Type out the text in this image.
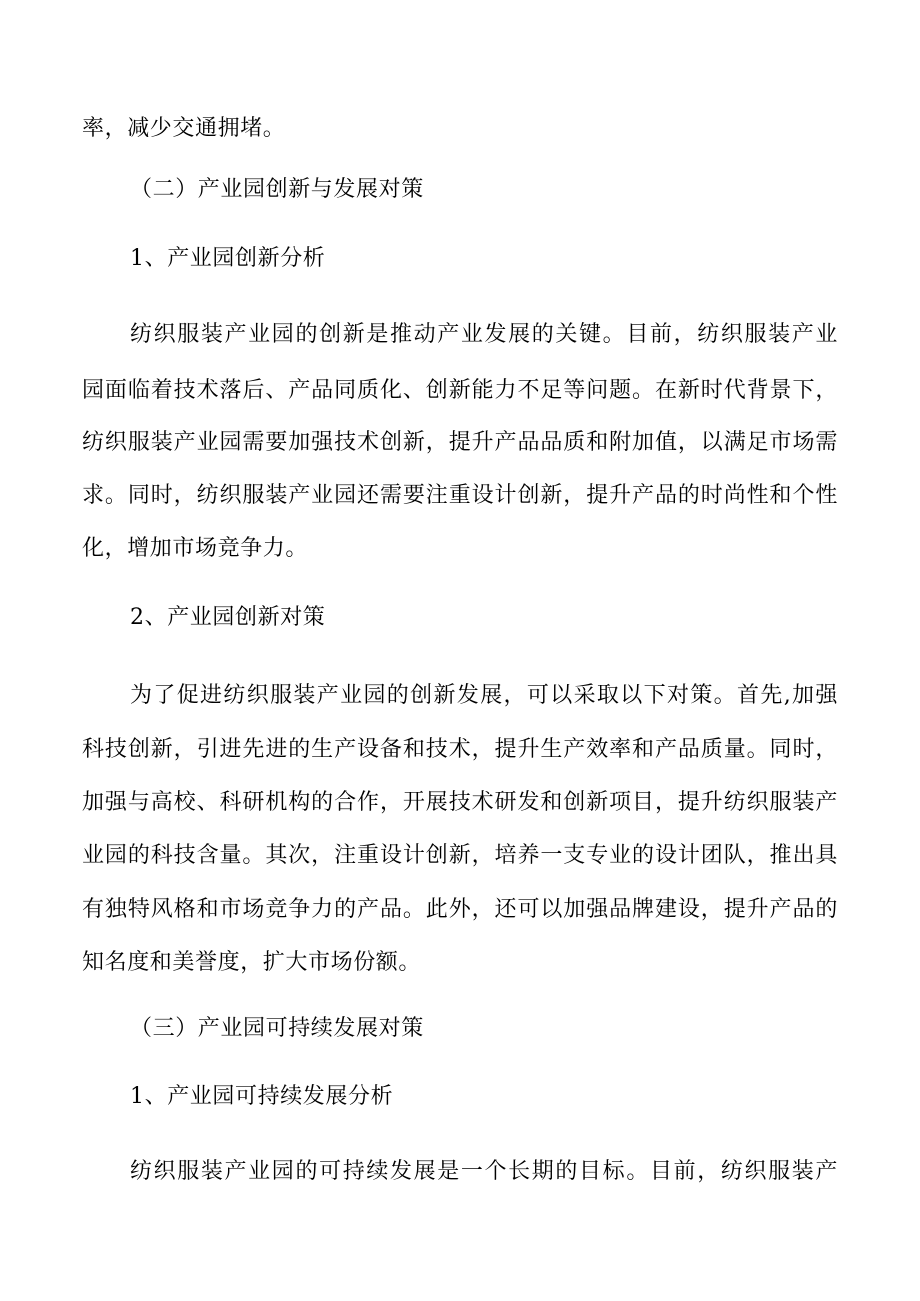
率，减少交通拥堵。
（二）产业园创新与发展对策
1、产业园创新分析
纺织服装产业园的创新是推动产业发展的关键。目前，纺织服装产业
园面临着技术落后、产品同质化、创新能力不足等问题。在新时代背景下，
纺织服装产业园需要加强技术创新，提升产品品质和附加值，以满足市场需
求。同时，纺织服装产业园还需要注重设计创新，提升产品的时尚性和个性
化，增加市场竞争力。
2、产业园创新对策
为了促进纺织服装产业园的创新发展，可以采取以下对策。首先,加强
科技创新，引进先进的生产设备和技术，提升生产效率和产品质量。同时，
加强与高校、科研机构的合作，开展技术研发和创新项目，提升纺织服装产
业园的科技含量。其次，注重设计创新，培养一支专业的设计团队，推出具
有独特风格和市场竞争力的产品。此外，还可以加强品牌建设，提升产品的
知名度和美誉度，扩大市场份额。
（三）产业园可持续发展对策
1、产业园可持续发展分析
纺织服装产业园的可持续发展是一个长期的目标。目前，纺织服装产
